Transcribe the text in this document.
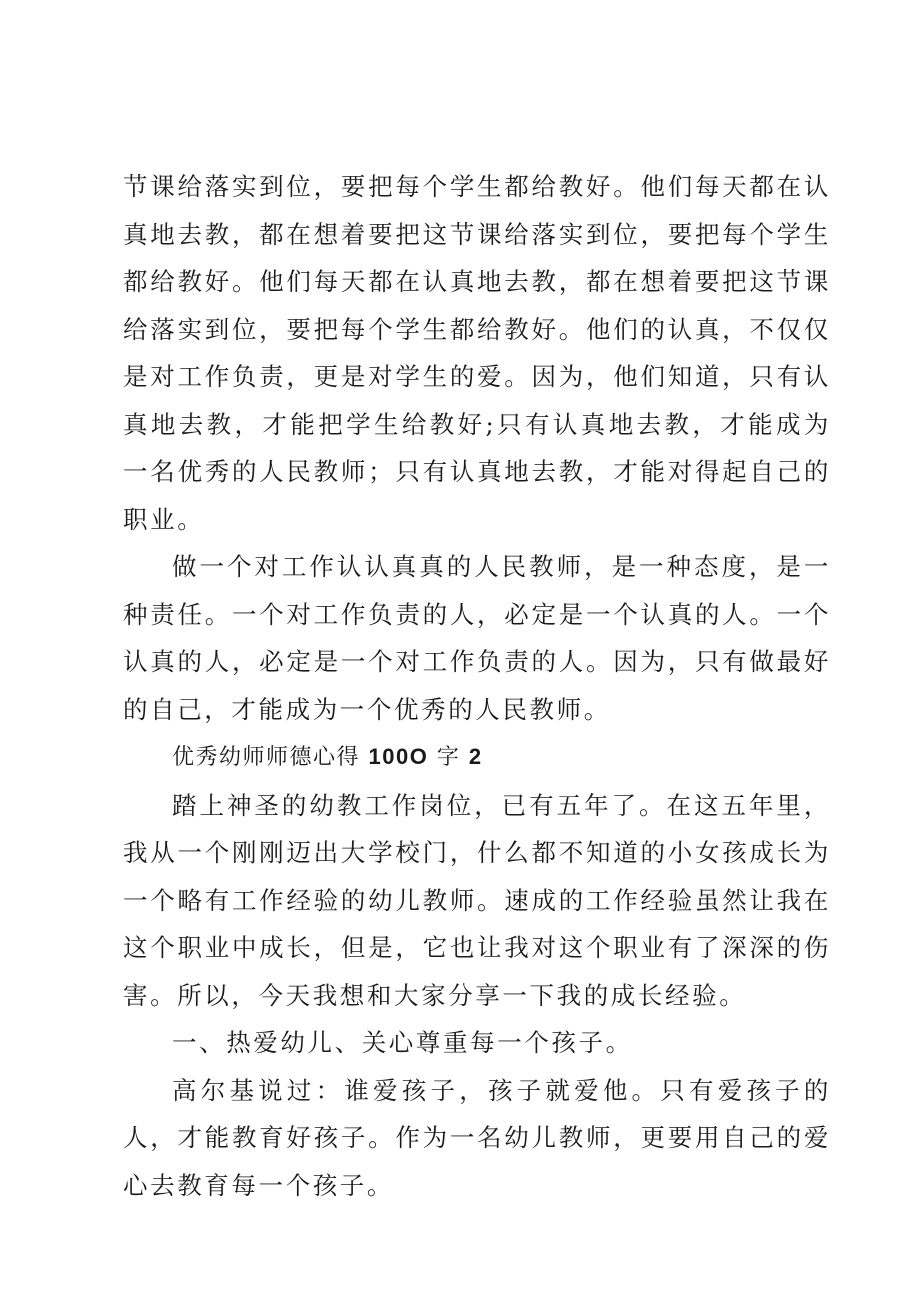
节课给落实到位，要把每个学生都给教好。他们每天都在认真地去教，都在想着要把这节课给落实到位，要把每个学生都给教好。他们每天都在认真地去教，都在想着要把这节课给落实到位，要把每个学生都给教好。他们的认真，不仅仅是对工作负责，更是对学生的爱。因为，他们知道，只有认真地去教，才能把学生给教好;只有认真地去教，才能成为一名优秀的人民教师；只有认真地去教，才能对得起自己的职业。

做一个对工作认认真真的人民教师，是一种态度，是一种责任。一个对工作负责的人，必定是一个认真的人。一个认真的人，必定是一个对工作负责的人。因为，只有做最好的自己，才能成为一个优秀的人民教师。

优秀幼师师德心得 100O 字 2

踏上神圣的幼教工作岗位，已有五年了。在这五年里，我从一个刚刚迈出大学校门，什么都不知道的小女孩成长为一个略有工作经验的幼儿教师。速成的工作经验虽然让我在这个职业中成长，但是，它也让我对这个职业有了深深的伤害。所以，今天我想和大家分享一下我的成长经验。

一、热爱幼儿、关心尊重每一个孩子。

高尔基说过：谁爱孩子，孩子就爱他。只有爱孩子的人，才能教育好孩子。作为一名幼儿教师，更要用自己的爱心去教育每一个孩子。
